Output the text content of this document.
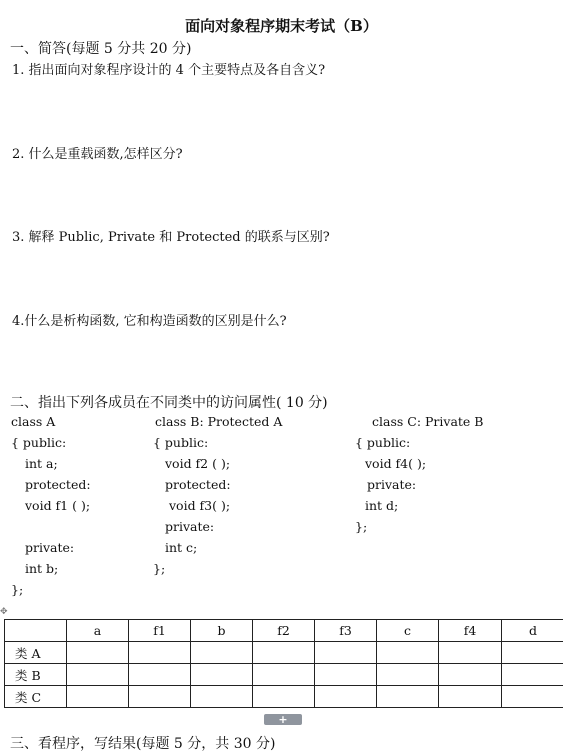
面向对象程序期末考试（B）
一、简答(每题 5 分共 20 分)
1. 指出面向对象程序设计的 4 个主要特点及各自含义?
2. 什么是重载函数,怎样区分?
3. 解释 Public, Private 和 Protected 的联系与区别?
4.什么是析构函数, 它和构造函数的区别是什么?
二、指出下列各成员在不同类中的访问属性( 10 分)
class A
{ public:
int a;
protected:
void f1 ( );
private:
int b;
};
class B: Protected A
{ public:
void f2 ( );
protected:
void f3( );
private:
int c;
};
class C: Private B
{ public:
void f4( );
private:
int d;
};
✥
	a	f1	b	f2	f3	c	f4	d
类 A								
类 B								
类 C								
+
三、看程序，写结果(每题 5 分，共 30 分)
